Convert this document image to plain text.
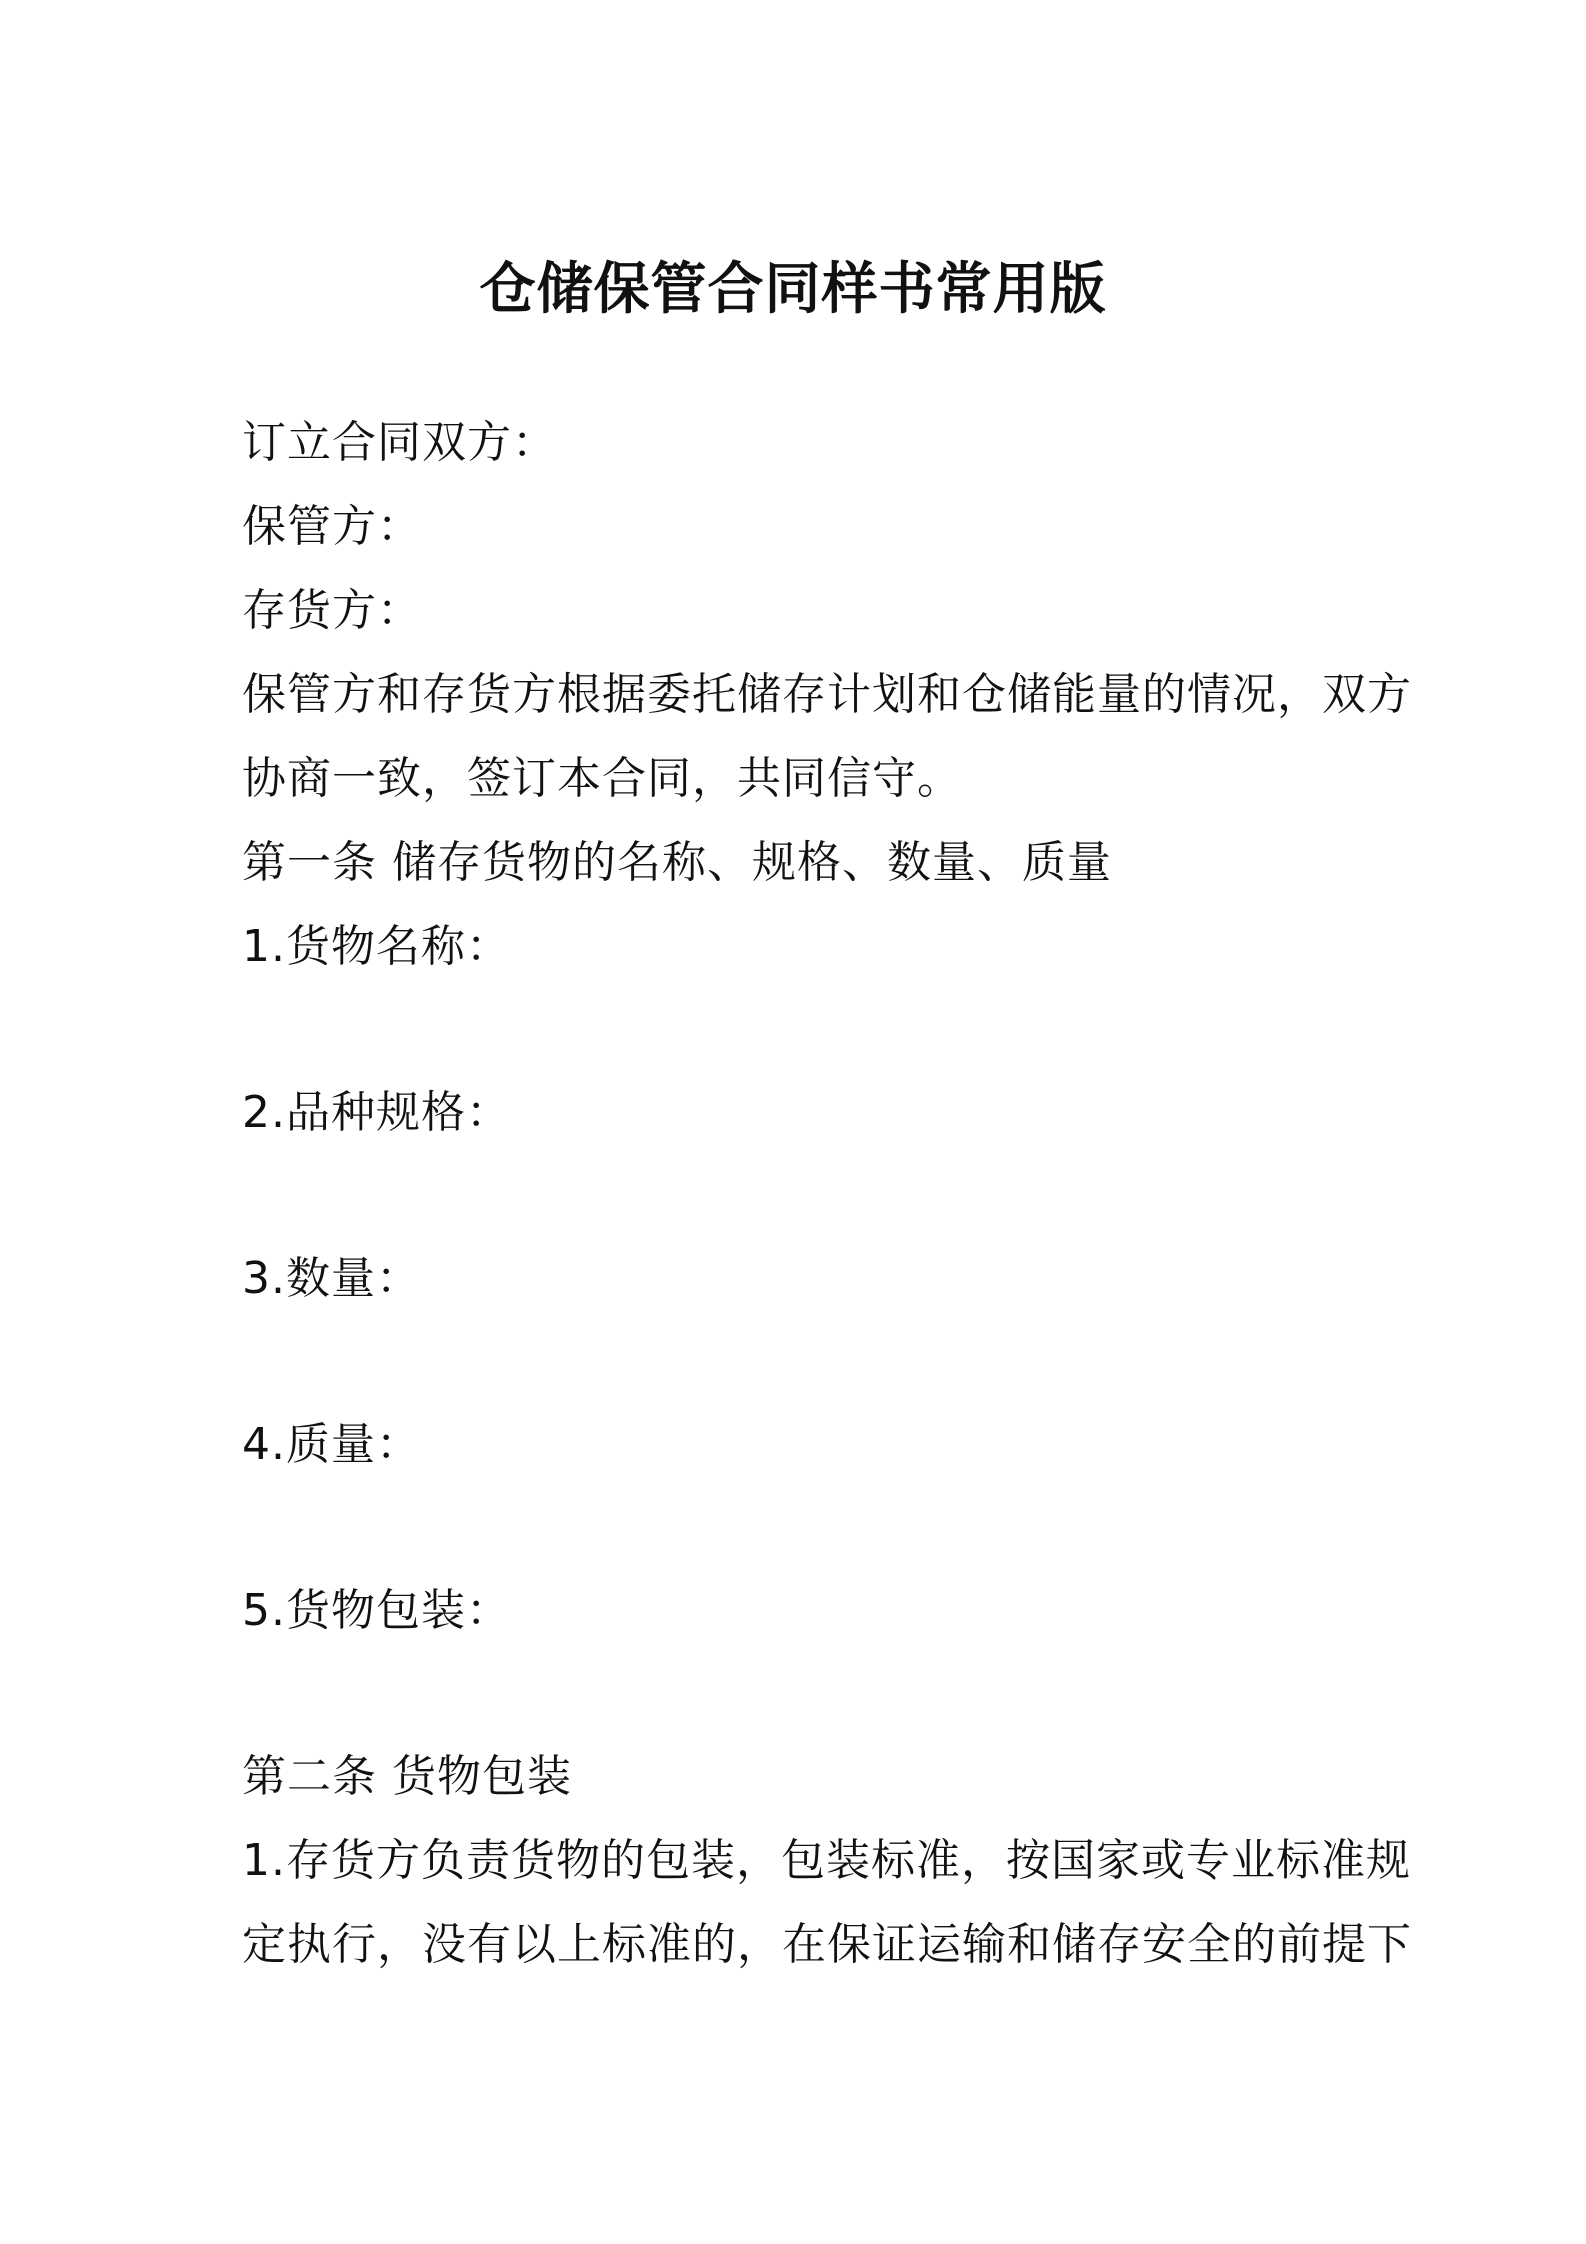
仓储保管合同样书常用版
订立合同双方：
保管方：
存货方：
保管方和存货方根据委托储存计划和仓储能量的情况，双方
协商一致，签订本合同，共同信守。
第一条 储存货物的名称、规格、数量、质量
1.货物名称：
2.品种规格：
3.数量：
4.质量：
5.货物包装：
第二条 货物包装
1.存货方负责货物的包装，包装标准，按国家或专业标准规
定执行，没有以上标准的，在保证运输和储存安全的前提下
